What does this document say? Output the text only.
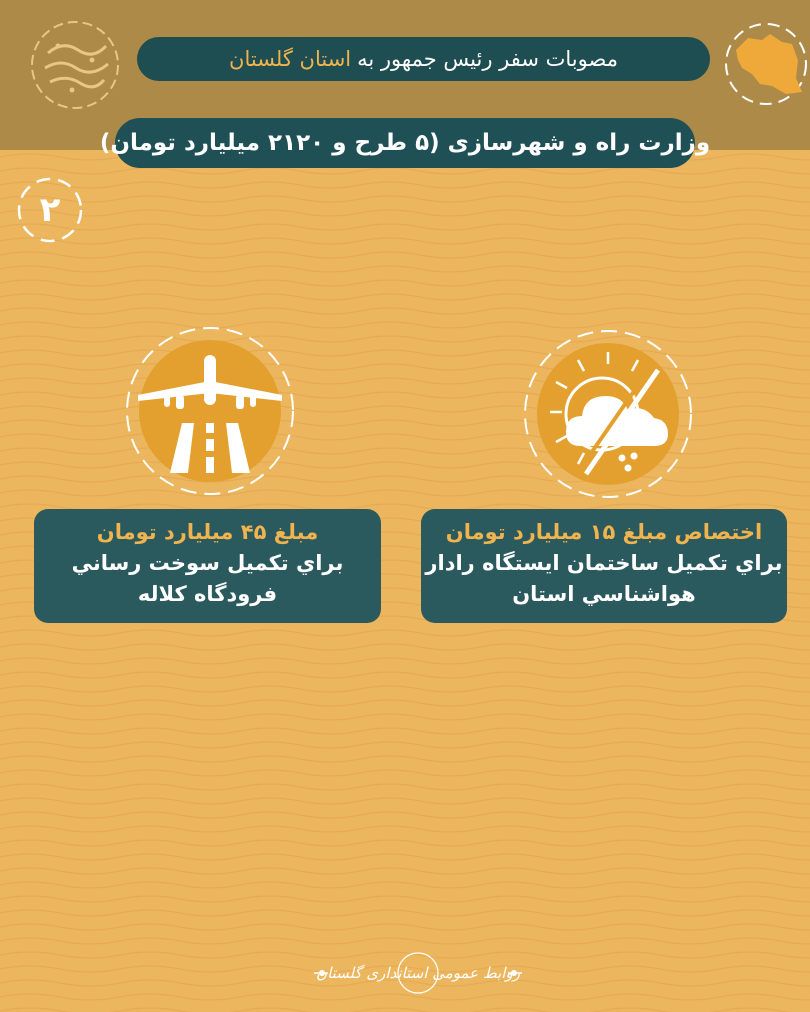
مصوبات سفر رئیس جمهور به
استان گلستان
وزارت راه و شهرسازی (۵ طرح و ۲۱۲۰ میلیارد تومان)
۲
اختصاص مبلغ ۱۵ میلیارد تومان
براي تكميل ساختمان ايستگاه رادار
هواشناسي استان
مبلغ ۴۵ میلیارد تومان
براي تكميل سوخت رساني
فرودگاه كلاله
روابط عمومی استانداری گلستان
